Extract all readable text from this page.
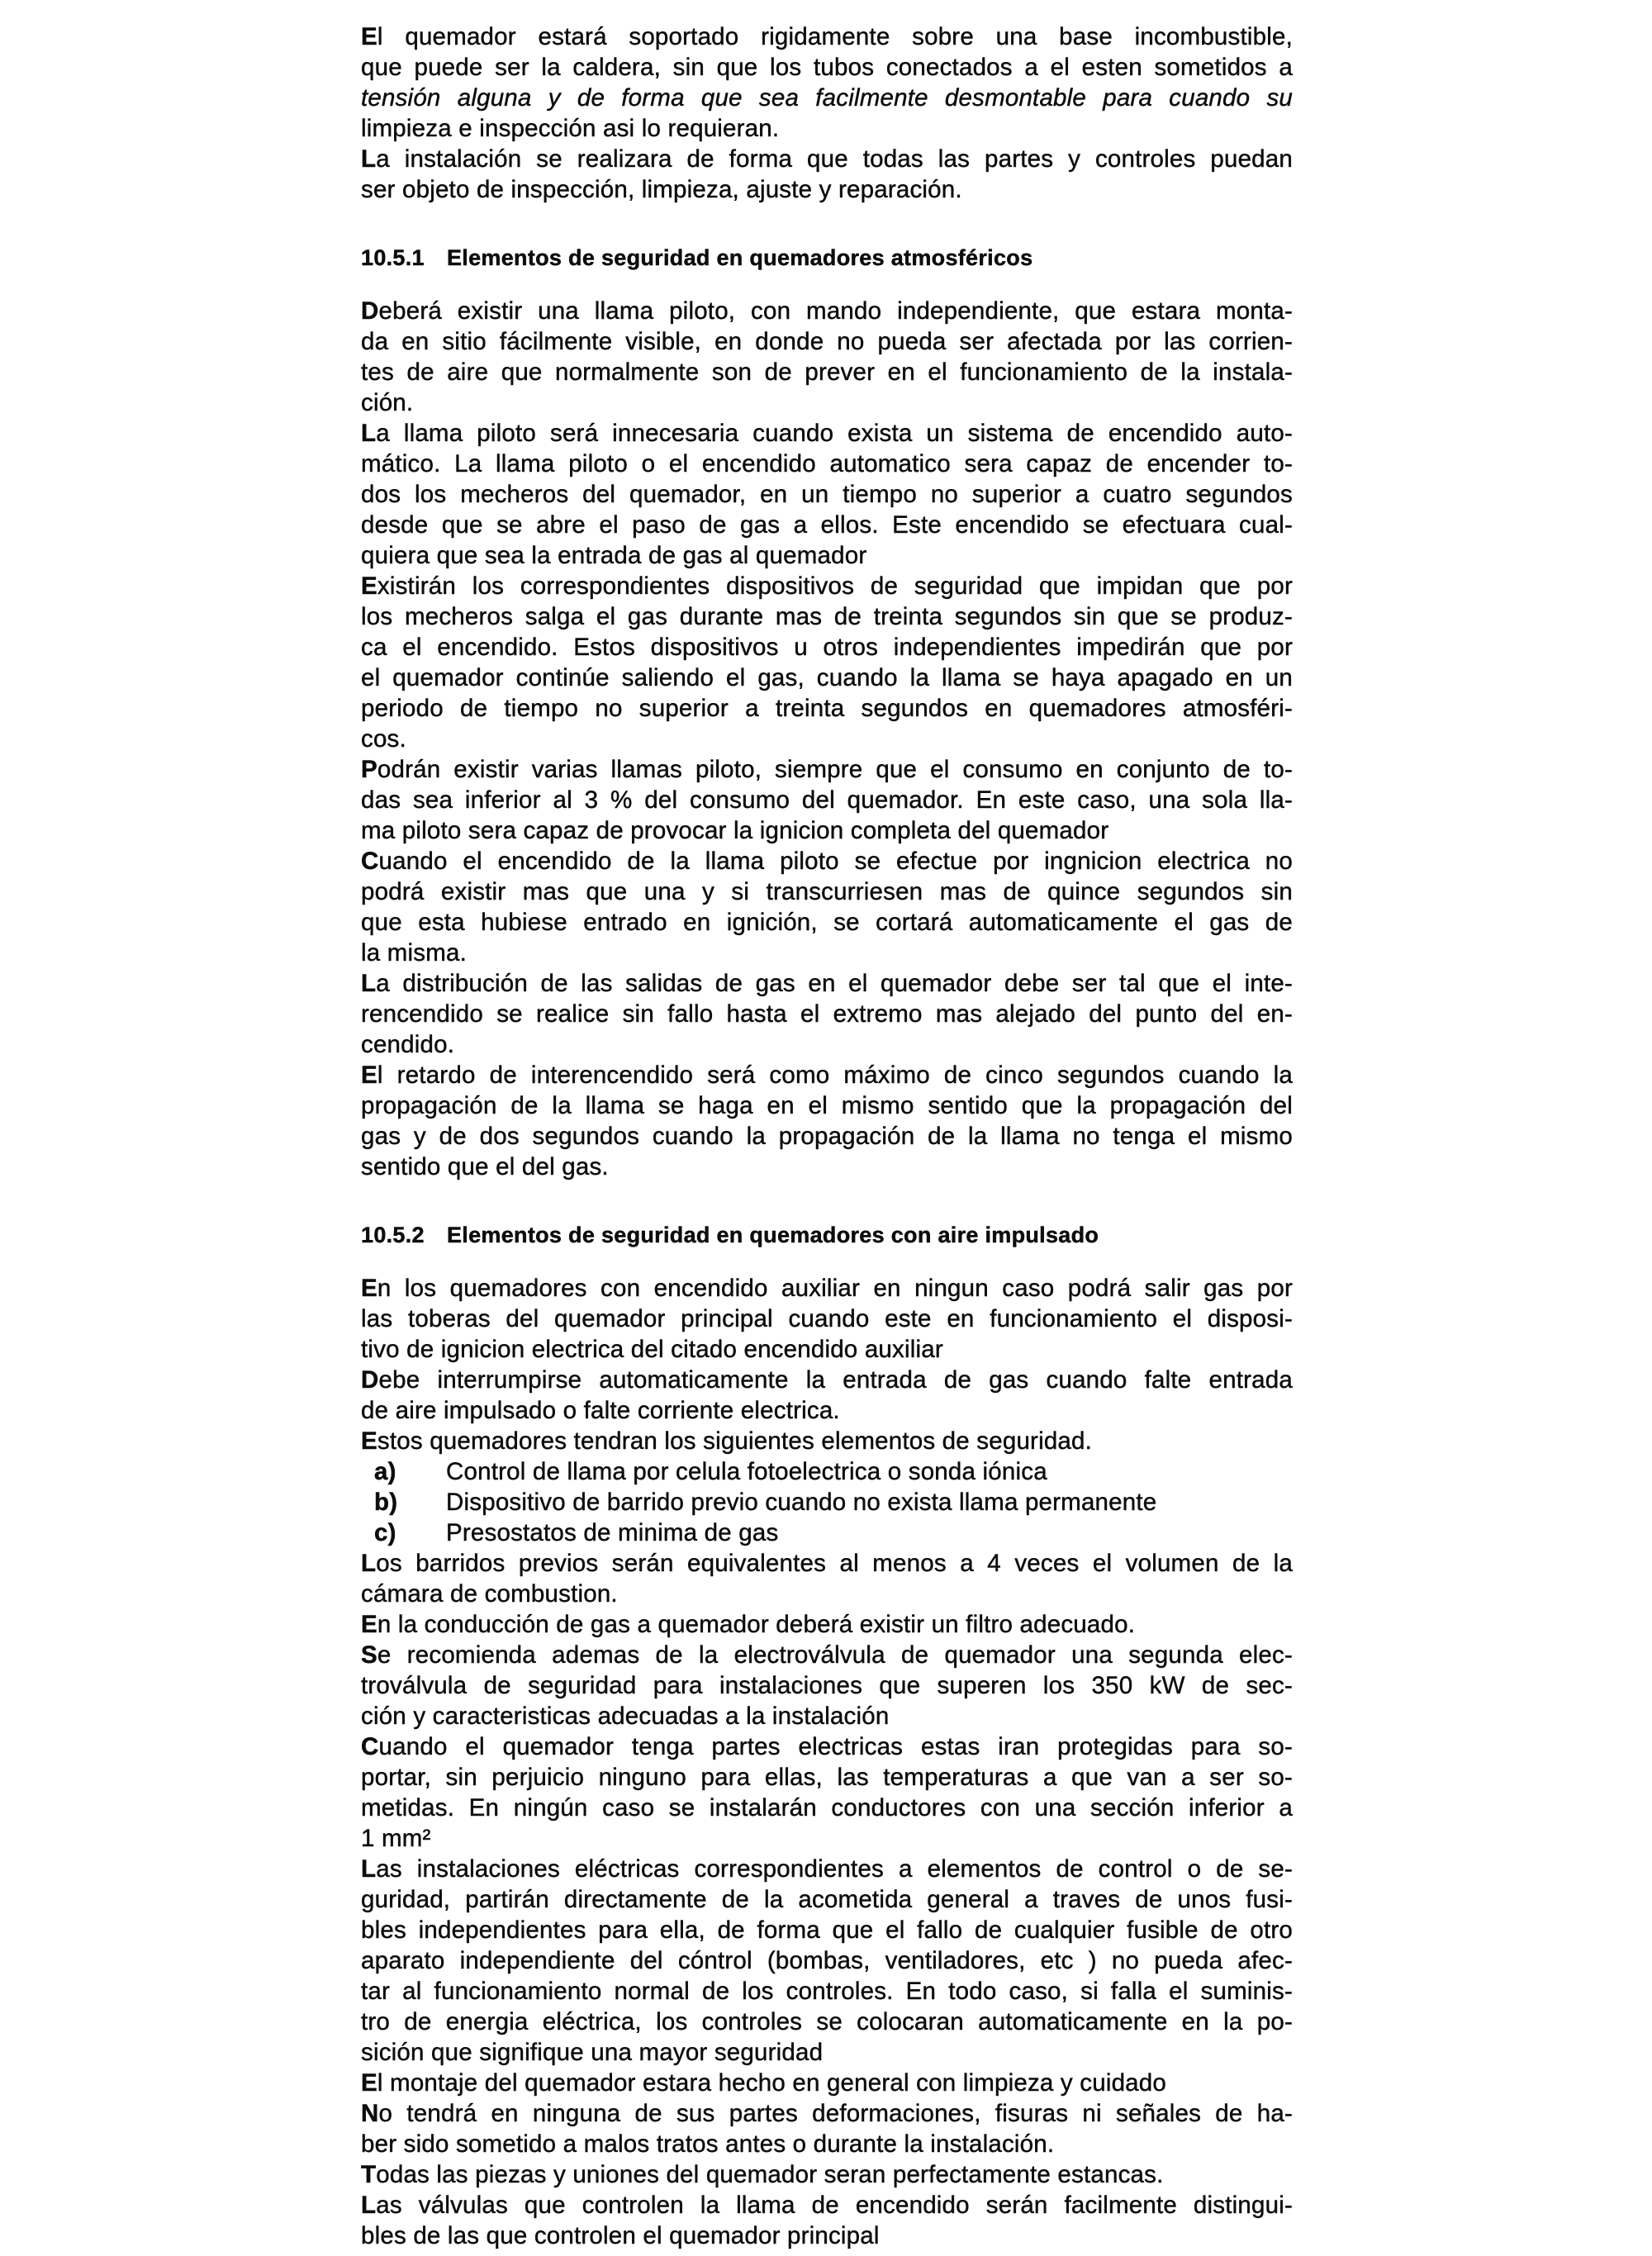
El quemador estará soportado rigidamente sobre una base incombustible,
que puede ser la caldera, sin que los tubos conectados a el esten sometidos a
tensión alguna y de forma que sea facilmente desmontable para cuando su
limpieza e inspección asi lo requieran.
La instalación se realizara de forma que todas las partes y controles puedan
ser objeto de inspección, limpieza, ajuste y reparación.
10.5.1 Elementos de seguridad en quemadores atmosféricos
Deberá existir una llama piloto, con mando independiente, que estara monta-
da en sitio fácilmente visible, en donde no pueda ser afectada por las corrien-
tes de aire que normalmente son de prever en el funcionamiento de la instala-
ción.
La llama piloto será innecesaria cuando exista un sistema de encendido auto-
mático. La llama piloto o el encendido automatico sera capaz de encender to-
dos los mecheros del quemador, en un tiempo no superior a cuatro segundos
desde que se abre el paso de gas a ellos. Este encendido se efectuara cual-
quiera que sea la entrada de gas al quemador
Existirán los correspondientes dispositivos de seguridad que impidan que por
los mecheros salga el gas durante mas de treinta segundos sin que se produz-
ca el encendido. Estos dispositivos u otros independientes impedirán que por
el quemador continúe saliendo el gas, cuando la llama se haya apagado en un
periodo de tiempo no superior a treinta segundos en quemadores atmosféri-
cos.
Podrán existir varias llamas piloto, siempre que el consumo en conjunto de to-
das sea inferior al 3 % del consumo del quemador. En este caso, una sola lla-
ma piloto sera capaz de provocar la ignicion completa del quemador
Cuando el encendido de la llama piloto se efectue por ingnicion electrica no
podrá existir mas que una y si transcurriesen mas de quince segundos sin
que esta hubiese entrado en ignición, se cortará automaticamente el gas de
la misma.
La distribución de las salidas de gas en el quemador debe ser tal que el inte-
rencendido se realice sin fallo hasta el extremo mas alejado del punto del en-
cendido.
El retardo de interencendido será como máximo de cinco segundos cuando la
propagación de la llama se haga en el mismo sentido que la propagación del
gas y de dos segundos cuando la propagación de la llama no tenga el mismo
sentido que el del gas.
10.5.2 Elementos de seguridad en quemadores con aire impulsado
En los quemadores con encendido auxiliar en ningun caso podrá salir gas por
las toberas del quemador principal cuando este en funcionamiento el disposi-
tivo de ignicion electrica del citado encendido auxiliar
Debe interrumpirse automaticamente la entrada de gas cuando falte entrada
de aire impulsado o falte corriente electrica.
Estos quemadores tendran los siguientes elementos de seguridad.
a) Control de llama por celula fotoelectrica o sonda iónica
b) Dispositivo de barrido previo cuando no exista llama permanente
c) Presostatos de minima de gas
Los barridos previos serán equivalentes al menos a 4 veces el volumen de la
cámara de combustion.
En la conducción de gas a quemador deberá existir un filtro adecuado.
Se recomienda ademas de la electroválvula de quemador una segunda elec-
troválvula de seguridad para instalaciones que superen los 350 kW de sec-
ción y caracteristicas adecuadas a la instalación
Cuando el quemador tenga partes electricas estas iran protegidas para so-
portar, sin perjuicio ninguno para ellas, las temperaturas a que van a ser so-
metidas. En ningún caso se instalarán conductores con una sección inferior a
1 mm²
Las instalaciones eléctricas correspondientes a elementos de control o de se-
guridad, partirán directamente de la acometida general a traves de unos fusi-
bles independientes para ella, de forma que el fallo de cualquier fusible de otro
aparato independiente del cóntrol (bombas, ventiladores, etc ) no pueda afec-
tar al funcionamiento normal de los controles. En todo caso, si falla el suminis-
tro de energia eléctrica, los controles se colocaran automaticamente en la po-
sición que signifique una mayor seguridad
El montaje del quemador estara hecho en general con limpieza y cuidado
No tendrá en ninguna de sus partes deformaciones, fisuras ni señales de ha-
ber sido sometido a malos tratos antes o durante la instalación.
Todas las piezas y uniones del quemador seran perfectamente estancas.
Las válvulas que controlen la llama de encendido serán facilmente distingui-
bles de las que controlen el quemador principal
